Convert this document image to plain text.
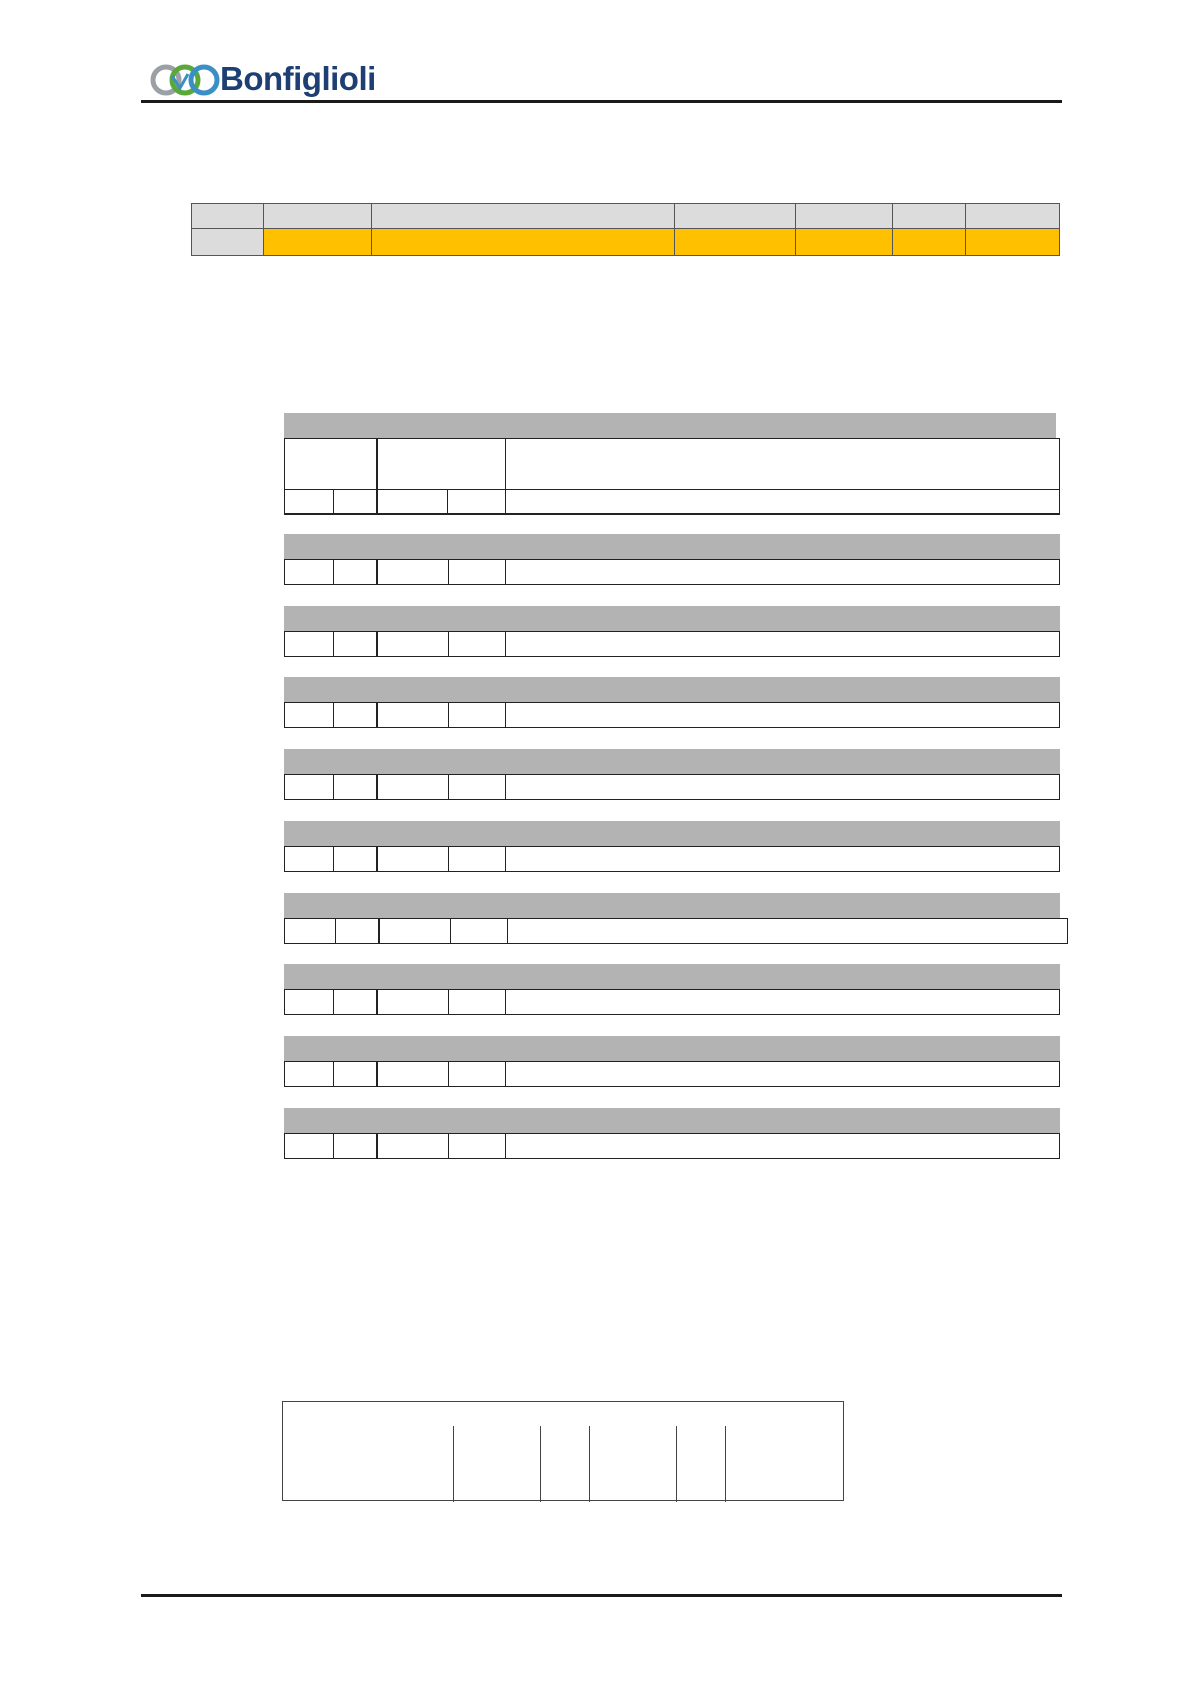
Bonfiglioli
